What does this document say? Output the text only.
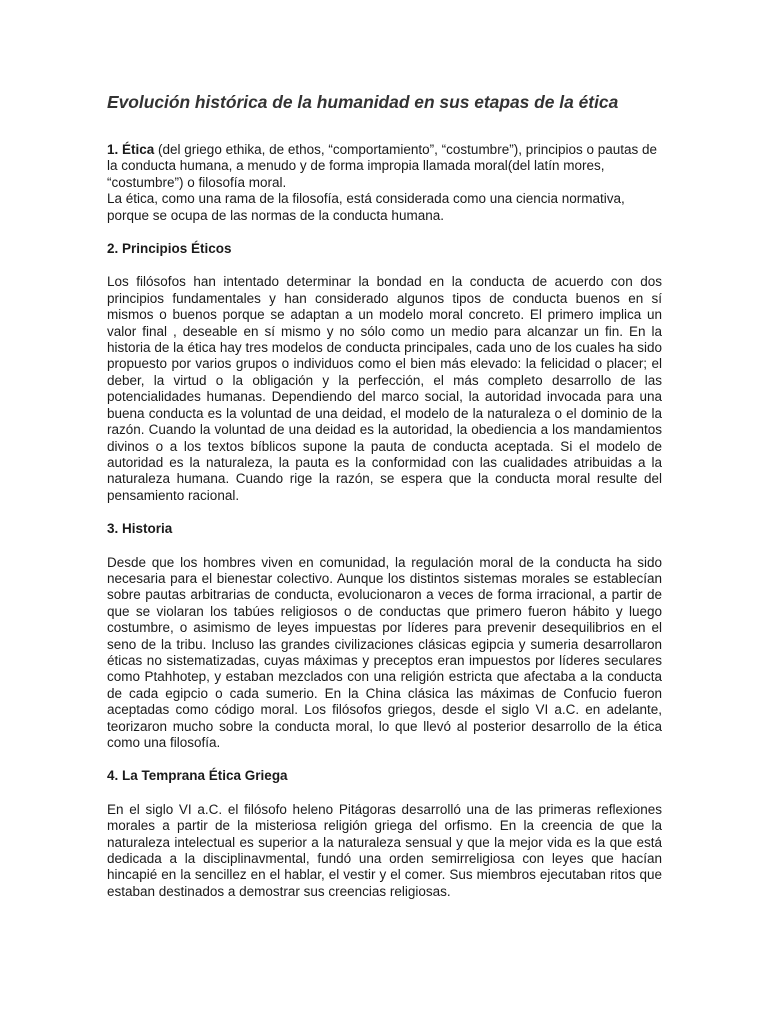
Evolución histórica de la humanidad en sus etapas de la ética

1. Ética (del griego ethika, de ethos, “comportamiento”, “costumbre”), principios o pautas de la conducta humana, a menudo y de forma impropia llamada moral(del latín mores, “costumbre”) o filosofía moral.

La ética, como una rama de la filosofía, está considerada como una ciencia normativa, porque se ocupa de las normas de la conducta humana.

2. Principios Éticos

Los filósofos han intentado determinar la bondad en la conducta de acuerdo con dos principios fundamentales y han considerado algunos tipos de conducta buenos en sí mismos o buenos porque se adaptan a un modelo moral concreto. El primero implica un valor final , deseable en sí mismo y no sólo como un medio para alcanzar un fin. En la historia de la ética hay tres modelos de conducta principales, cada uno de los cuales ha sido propuesto por varios grupos o individuos como el bien más elevado: la felicidad o placer; el deber, la virtud o la obligación y la perfección, el más completo desarrollo de las potencialidades humanas. Dependiendo del marco social, la autoridad invocada para una buena conducta es la voluntad de una deidad, el modelo de la naturaleza o el dominio de la razón. Cuando la voluntad de una deidad es la autoridad, la obediencia a los mandamientos divinos o a los textos bíblicos supone la pauta de conducta aceptada. Si el modelo de autoridad es la naturaleza, la pauta es la conformidad con las cualidades atribuidas a la naturaleza humana. Cuando rige la razón, se espera que la conducta moral resulte del pensamiento racional.

3. Historia

Desde que los hombres viven en comunidad, la regulación moral de la conducta ha sido necesaria para el bienestar colectivo. Aunque los distintos sistemas morales se establecían sobre pautas arbitrarias de conducta, evolucionaron a veces de forma irracional, a partir de que se violaran los tabúes religiosos o de conductas que primero fueron hábito y luego costumbre, o asimismo de leyes impuestas por líderes para prevenir desequilibrios en el seno de la tribu. Incluso las grandes civilizaciones clásicas egipcia y sumeria desarrollaron éticas no sistematizadas, cuyas máximas y preceptos eran impuestos por líderes seculares como Ptahhotep, y estaban mezclados con una religión estricta que afectaba a la conducta de cada egipcio o cada sumerio. En la China clásica las máximas de Confucio fueron aceptadas como código moral. Los filósofos griegos, desde el siglo VI a.C. en adelante, teorizaron mucho sobre la conducta moral, lo que llevó al posterior desarrollo de la ética como una filosofía.

4. La Temprana Ética Griega

En el siglo VI a.C. el filósofo heleno Pitágoras desarrolló una de las primeras reflexiones morales a partir de la misteriosa religión griega del orfismo. En la creencia de que la naturaleza intelectual es superior a la naturaleza sensual y que la mejor vida es la que está dedicada a la disciplinavmental, fundó una orden semirreligiosa con leyes que hacían hincapié en la sencillez en el hablar, el vestir y el comer. Sus miembros ejecutaban ritos que estaban destinados a demostrar sus creencias religiosas.
